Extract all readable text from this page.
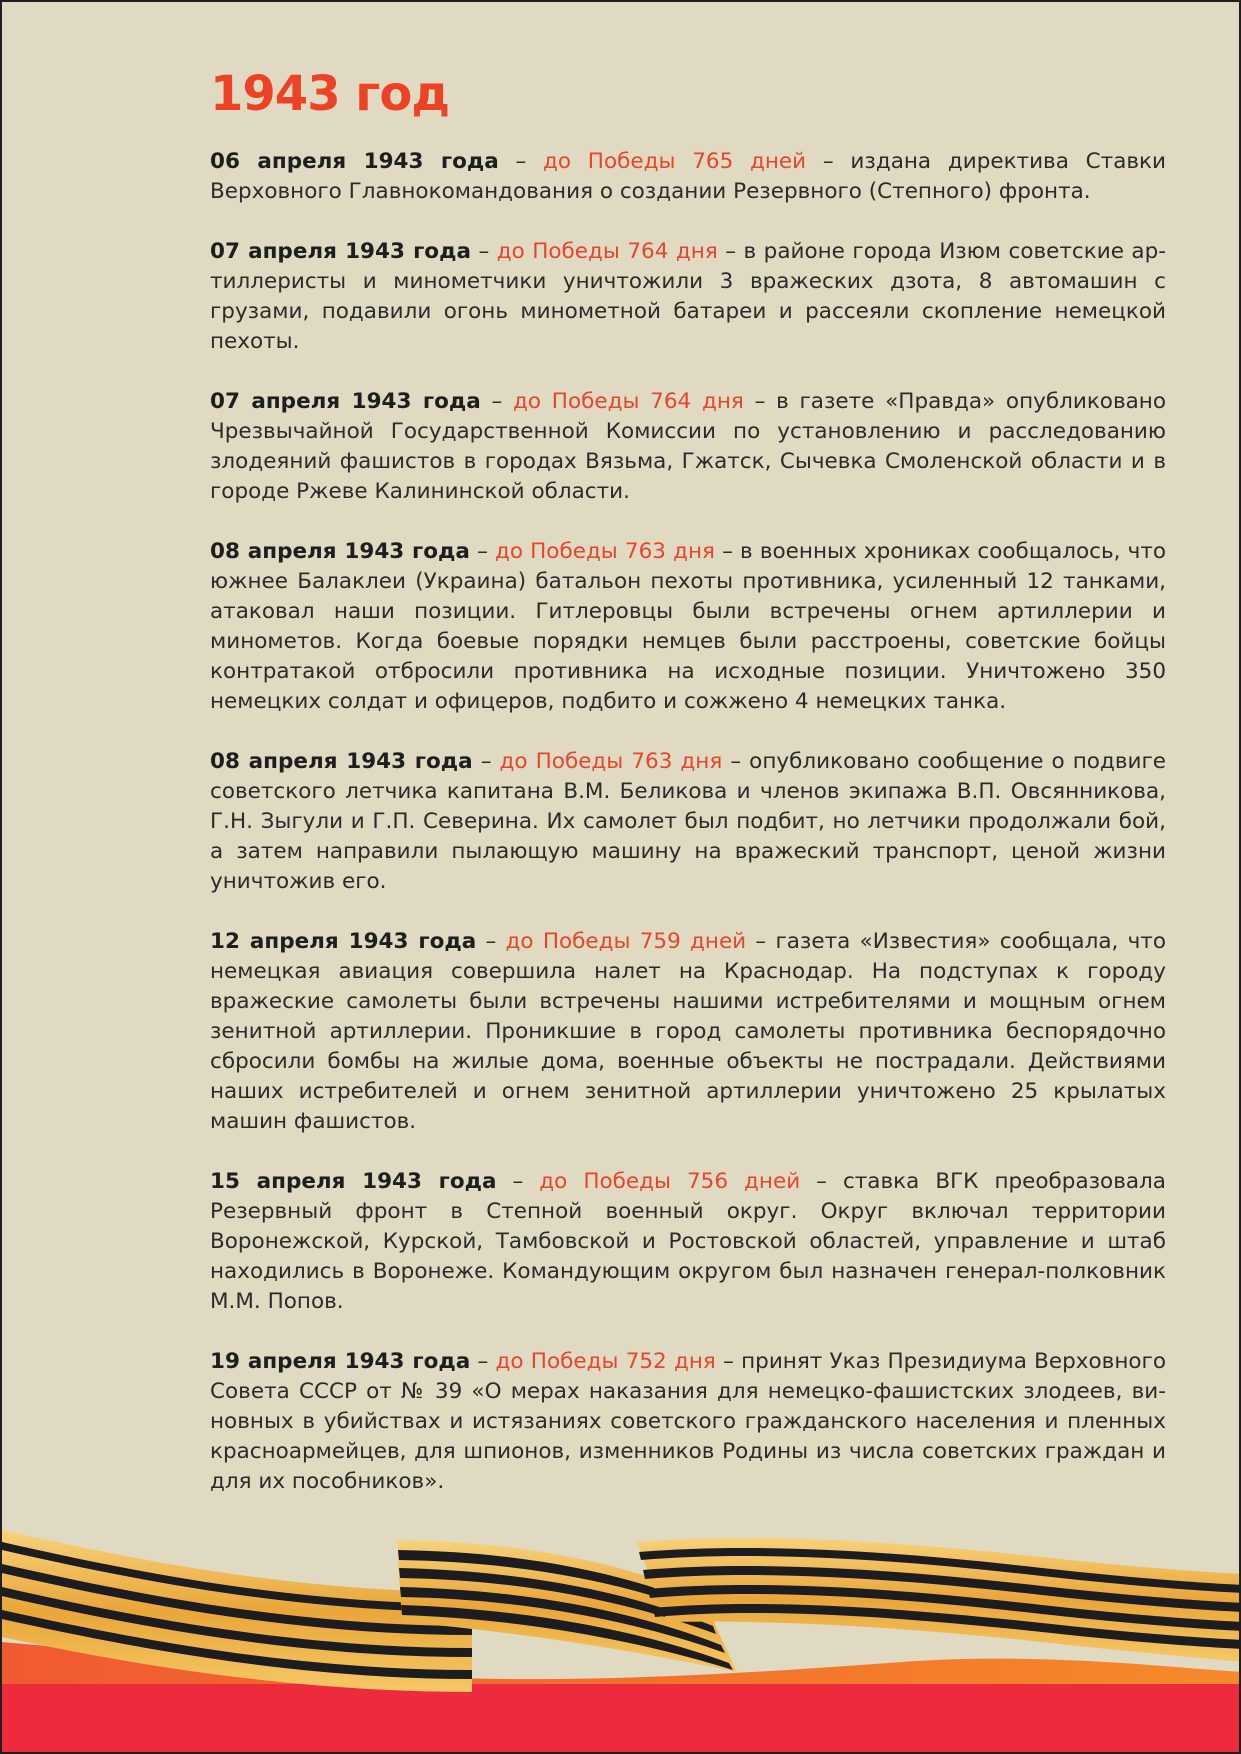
1943 год

06 апреля 1943 года – до Победы 765 дней – издана директива Ставки Верховного Главнокомандования о создании Резервного (Степного) фронта.

07 апреля 1943 года – до Победы 764 дня – в районе города Изюм советские артиллеристы и минометчики уничтожили 3 вражеских дзота, 8 автомашин с грузами, подавили огонь минометной батареи и рассеяли скопление немецкой пехоты.

07 апреля 1943 года – до Победы 764 дня – в газете «Правда» опубликовано Чрезвычайной Государственной Комиссии по установлению и расследованию злодеяний фашистов в городах Вязьма, Гжатск, Сычевка Смоленской области и в городе Ржеве Калининской области.

08 апреля 1943 года – до Победы 763 дня – в военных хрониках сообщалось, что южнее Балаклеи (Украина) батальон пехоты противника, усиленный 12 танками, атаковал наши позиции. Гитлеровцы были встречены огнем артиллерии и минометов. Когда боевые порядки немцев были расстроены, советские бойцы контратакой отбросили противника на исходные позиции. Уничтожено 350 немецких солдат и офицеров, подбито и сожжено 4 немецких танка.

08 апреля 1943 года – до Победы 763 дня – опубликовано сообщение о подвиге советского летчика капитана В.М. Беликова и членов экипажа В.П. Овсянникова, Г.Н. Зыгули и Г.П. Северина. Их самолет был подбит, но летчики продолжали бой, а затем направили пылающую машину на вражеский транспорт, ценой жизни уничтожив его.

12 апреля 1943 года – до Победы 759 дней – газета «Известия» сообщала, что немецкая авиация совершила налет на Краснодар. На подступах к городу вражеские самолеты были встречены нашими истребителями и мощным огнем зенитной артиллерии. Проникшие в город самолеты противника беспорядочно сбросили бомбы на жилые дома, военные объекты не пострадали. Действиями наших истребителей и огнем зенитной артиллерии уничтожено 25 крылатых машин фашистов.

15 апреля 1943 года – до Победы 756 дней – ставка ВГК преобразовала Резервный фронт в Степной военный округ. Округ включал территории Воронежской, Курской, Тамбовской и Ростовской областей, управление и штаб находились в Воронеже. Командующим округом был назначен генерал-полковник М.М. Попов.

19 апреля 1943 года – до Победы 752 дня – принят Указ Президиума Верховного Совета СССР от № 39 «О мерах наказания для немецко-фашистских злодеев, виновных в убийствах и истязаниях советского гражданского населения и пленных красноармейцев, для шпионов, изменников Родины из числа советских граждан и для их пособников».
